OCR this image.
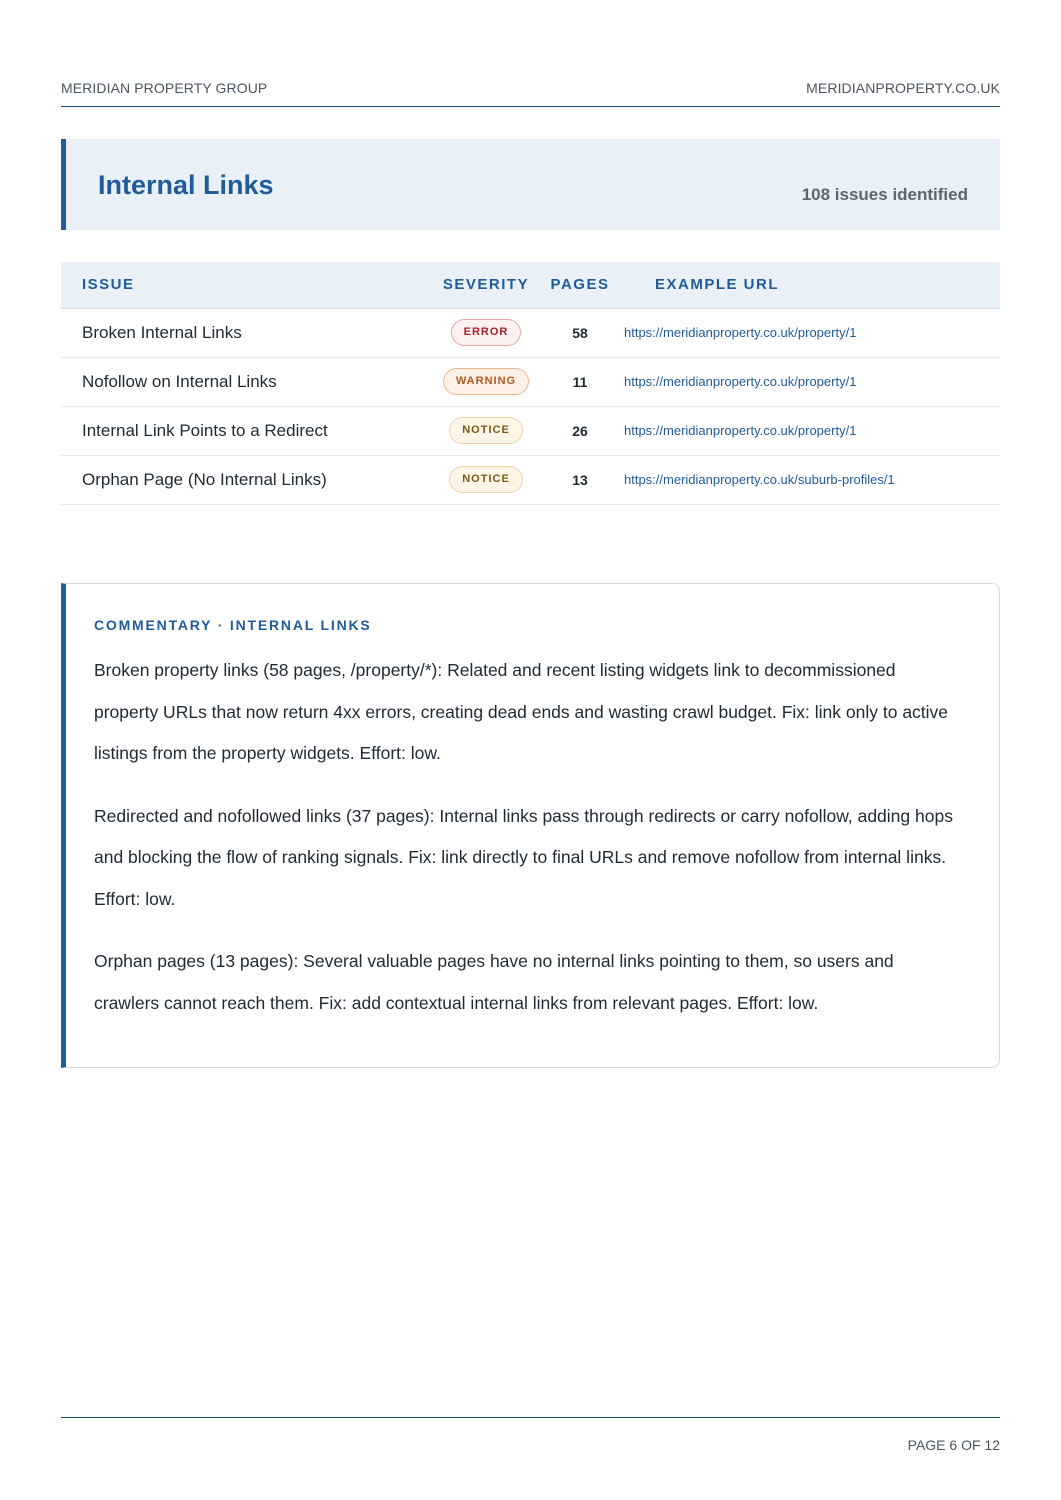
MERIDIAN PROPERTY GROUP	MERIDIANPROPERTY.CO.UK
Internal Links	108 issues identified
ISSUE	SEVERITY	PAGES	EXAMPLE URL
Broken Internal Links	ERROR	58	https://meridianproperty.co.uk/property/1
Nofollow on Internal Links	WARNING	11	https://meridianproperty.co.uk/property/1
Internal Link Points to a Redirect	NOTICE	26	https://meridianproperty.co.uk/property/1
Orphan Page (No Internal Links)	NOTICE	13	https://meridianproperty.co.uk/suburb-profiles/1
COMMENTARY · INTERNAL LINKS

Broken property links (58 pages, /property/*): Related and recent listing widgets link to decommissioned property URLs that now return 4xx errors, creating dead ends and wasting crawl budget. Fix: link only to active listings from the property widgets. Effort: low.

Redirected and nofollowed links (37 pages): Internal links pass through redirects or carry nofollow, adding hops and blocking the flow of ranking signals. Fix: link directly to final URLs and remove nofollow from internal links. Effort: low.

Orphan pages (13 pages): Several valuable pages have no internal links pointing to them, so users and crawlers cannot reach them. Fix: add contextual internal links from relevant pages. Effort: low.

PAGE 6 OF 12
